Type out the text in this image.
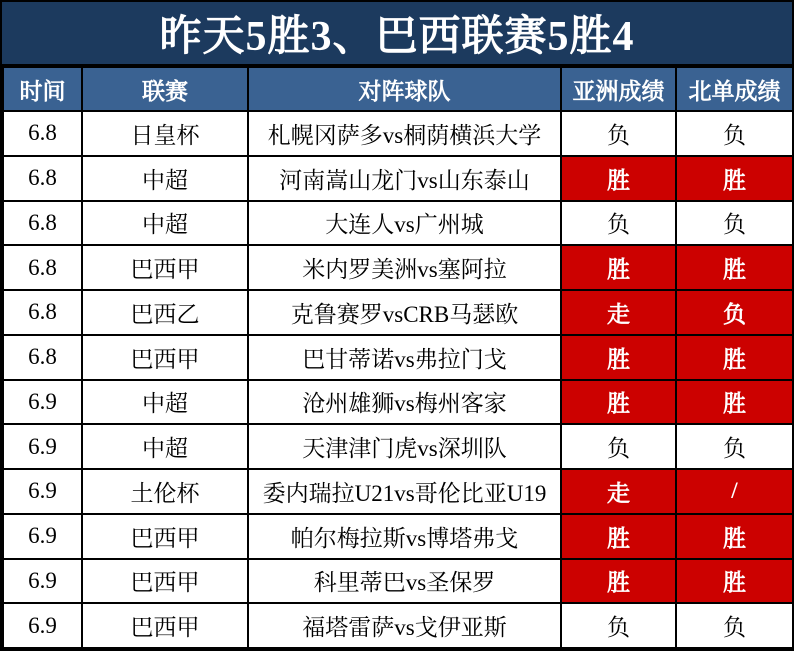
昨天5胜3、巴西联赛5胜4
时间	联赛	对阵球队	亚洲成绩	北单成绩
6.8	日皇杯	札幌冈萨多vs桐荫横浜大学	负	负
6.8	中超	河南嵩山龙门vs山东泰山	胜	胜
6.8	中超	大连人vs广州城	负	负
6.8	巴西甲	米内罗美洲vs塞阿拉	胜	胜
6.8	巴西乙	克鲁赛罗vsCRB马瑟欧	走	负
6.8	巴西甲	巴甘蒂诺vs弗拉门戈	胜	胜
6.9	中超	沧州雄狮vs梅州客家	胜	胜
6.9	中超	天津津门虎vs深圳队	负	负
6.9	土伦杯	委内瑞拉U21vs哥伦比亚U19	走	/
6.9	巴西甲	帕尔梅拉斯vs博塔弗戈	胜	胜
6.9	巴西甲	科里蒂巴vs圣保罗	胜	胜
6.9	巴西甲	福塔雷萨vs戈伊亚斯	负	负
